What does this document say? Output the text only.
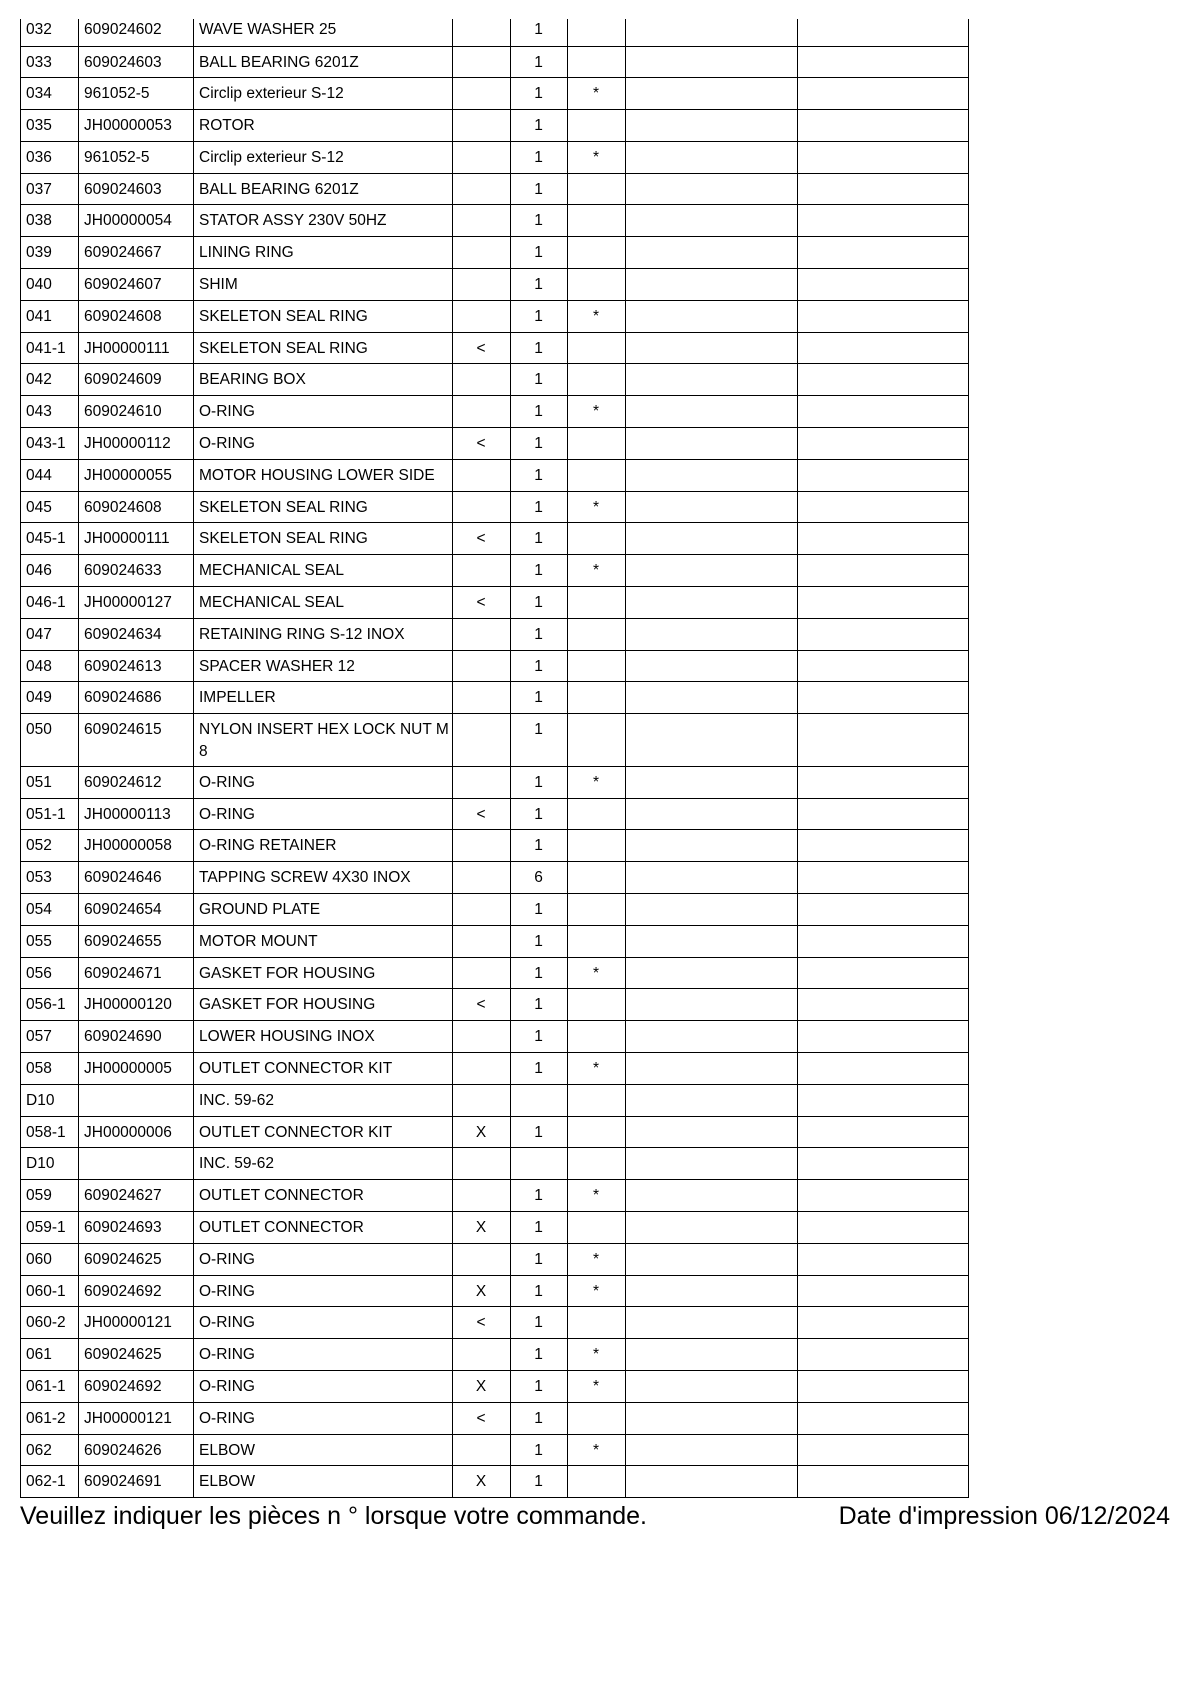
032	609024602	WAVE WASHER 25		1			
033	609024603	BALL BEARING 6201Z		1			
034	961052-5	Circlip exterieur S-12		1	*		
035	JH00000053	ROTOR		1			
036	961052-5	Circlip exterieur S-12		1	*		
037	609024603	BALL BEARING 6201Z		1			
038	JH00000054	STATOR ASSY 230V 50HZ		1			
039	609024667	LINING RING		1			
040	609024607	SHIM		1			
041	609024608	SKELETON SEAL RING		1	*		
041-1	JH00000111	SKELETON SEAL RING	<	1			
042	609024609	BEARING BOX		1			
043	609024610	O-RING		1	*		
043-1	JH00000112	O-RING	<	1			
044	JH00000055	MOTOR HOUSING LOWER SIDE		1			
045	609024608	SKELETON SEAL RING		1	*		
045-1	JH00000111	SKELETON SEAL RING	<	1			
046	609024633	MECHANICAL SEAL		1	*		
046-1	JH00000127	MECHANICAL SEAL	<	1			
047	609024634	RETAINING RING S-12 INOX		1			
048	609024613	SPACER WASHER 12		1			
049	609024686	IMPELLER		1			
050	609024615	NYLON INSERT HEX LOCK NUT M
8		1			
051	609024612	O-RING		1	*		
051-1	JH00000113	O-RING	<	1			
052	JH00000058	O-RING RETAINER		1			
053	609024646	TAPPING SCREW 4X30 INOX		6			
054	609024654	GROUND PLATE		1			
055	609024655	MOTOR MOUNT		1			
056	609024671	GASKET FOR HOUSING		1	*		
056-1	JH00000120	GASKET FOR HOUSING	<	1			
057	609024690	LOWER HOUSING INOX		1			
058	JH00000005	OUTLET CONNECTOR KIT		1	*		
D10		INC. 59-62					
058-1	JH00000006	OUTLET CONNECTOR KIT	X	1			
D10		INC. 59-62					
059	609024627	OUTLET CONNECTOR		1	*		
059-1	609024693	OUTLET CONNECTOR	X	1			
060	609024625	O-RING		1	*		
060-1	609024692	O-RING	X	1	*		
060-2	JH00000121	O-RING	<	1			
061	609024625	O-RING		1	*		
061-1	609024692	O-RING	X	1	*		
061-2	JH00000121	O-RING	<	1			
062	609024626	ELBOW		1	*		
062-1	609024691	ELBOW	X	1			
Veuillez indiquer les pièces n ° lorsque votre commande.	Date d'impression 06/12/2024
